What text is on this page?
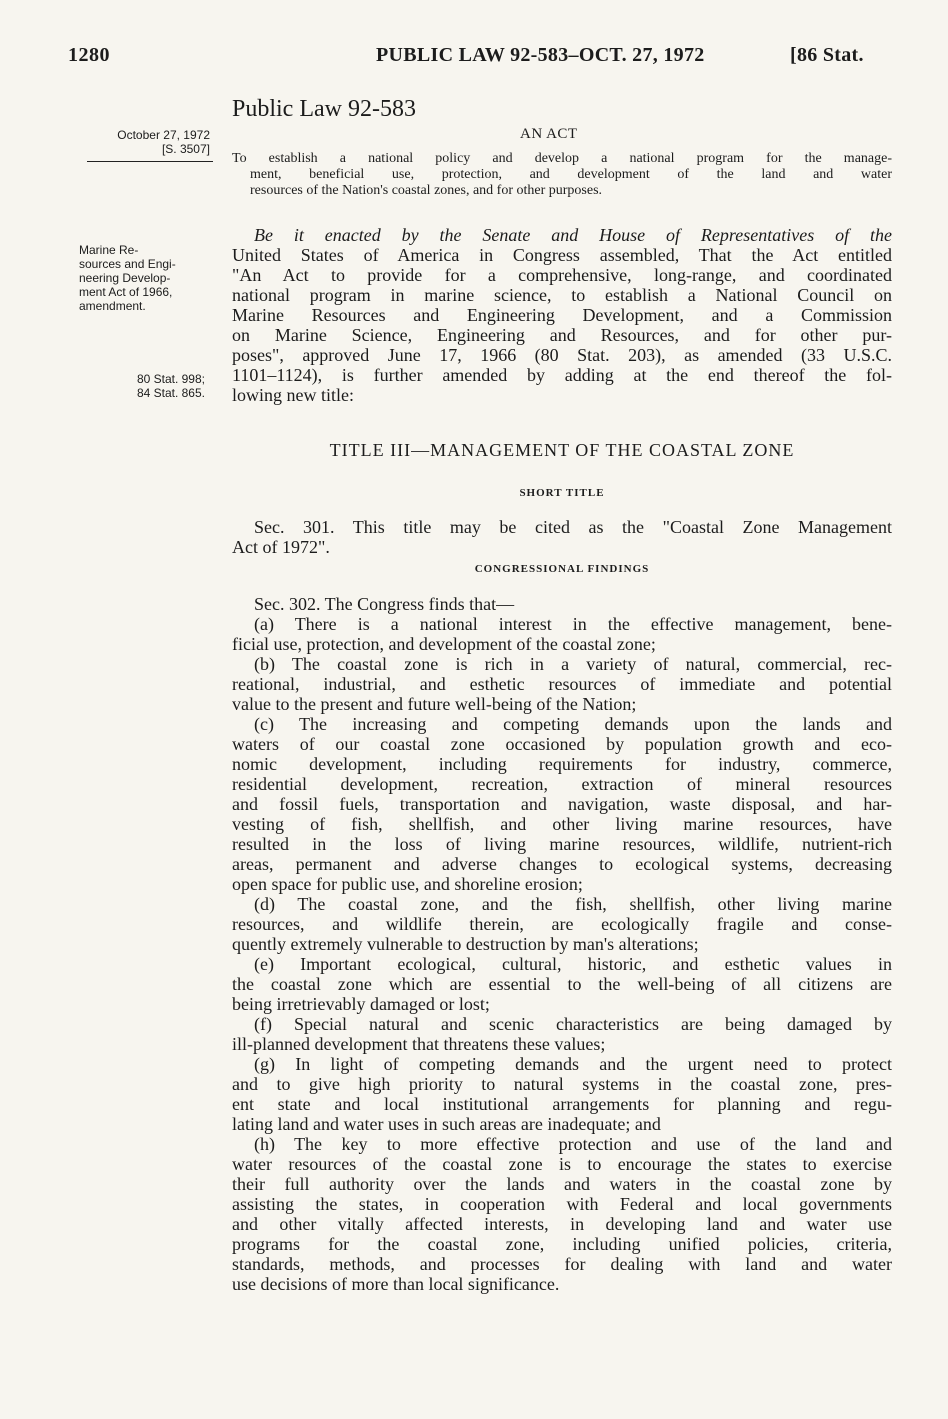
1280	PUBLIC LAW 92-583–OCT. 27, 1972	[86 Stat.
October 27, 1972
[S. 3507]
Marine Re-
sources and Engi-
neering Develop-
ment Act of 1966,
amendment.
80 Stat. 998;
84 Stat. 865.
Public Law 92-583
AN ACT
To establish a national policy and develop a national program for the manage-
ment, beneficial use, protection, and development of the land and water
resources of the Nation's coastal zones, and for other purposes.
Be it enacted by the Senate and House of Representatives of the
United States of America in Congress assembled, That the Act entitled
"An Act to provide for a comprehensive, long-range, and coordinated
national program in marine science, to establish a National Council on
Marine Resources and Engineering Development, and a Commission
on Marine Science, Engineering and Resources, and for other pur-
poses", approved June 17, 1966 (80 Stat. 203), as amended (33 U.S.C.
1101–1124), is further amended by adding at the end thereof the fol-
lowing new title:
TITLE III—MANAGEMENT OF THE COASTAL ZONE
SHORT TITLE
Sec. 301. This title may be cited as the "Coastal Zone Management
Act of 1972".
CONGRESSIONAL FINDINGS
Sec. 302. The Congress finds that—
(a) There is a national interest in the effective management, bene-
ficial use, protection, and development of the coastal zone;
(b) The coastal zone is rich in a variety of natural, commercial, rec-
reational, industrial, and esthetic resources of immediate and potential
value to the present and future well-being of the Nation;
(c) The increasing and competing demands upon the lands and
waters of our coastal zone occasioned by population growth and eco-
nomic development, including requirements for industry, commerce,
residential development, recreation, extraction of mineral resources
and fossil fuels, transportation and navigation, waste disposal, and har-
vesting of fish, shellfish, and other living marine resources, have
resulted in the loss of living marine resources, wildlife, nutrient-rich
areas, permanent and adverse changes to ecological systems, decreasing
open space for public use, and shoreline erosion;
(d) The coastal zone, and the fish, shellfish, other living marine
resources, and wildlife therein, are ecologically fragile and conse-
quently extremely vulnerable to destruction by man's alterations;
(e) Important ecological, cultural, historic, and esthetic values in
the coastal zone which are essential to the well-being of all citizens are
being irretrievably damaged or lost;
(f) Special natural and scenic characteristics are being damaged by
ill-planned development that threatens these values;
(g) In light of competing demands and the urgent need to protect
and to give high priority to natural systems in the coastal zone, pres-
ent state and local institutional arrangements for planning and regu-
lating land and water uses in such areas are inadequate; and
(h) The key to more effective protection and use of the land and
water resources of the coastal zone is to encourage the states to exercise
their full authority over the lands and waters in the coastal zone by
assisting the states, in cooperation with Federal and local governments
and other vitally affected interests, in developing land and water use
programs for the coastal zone, including unified policies, criteria,
standards, methods, and processes for dealing with land and water
use decisions of more than local significance.
